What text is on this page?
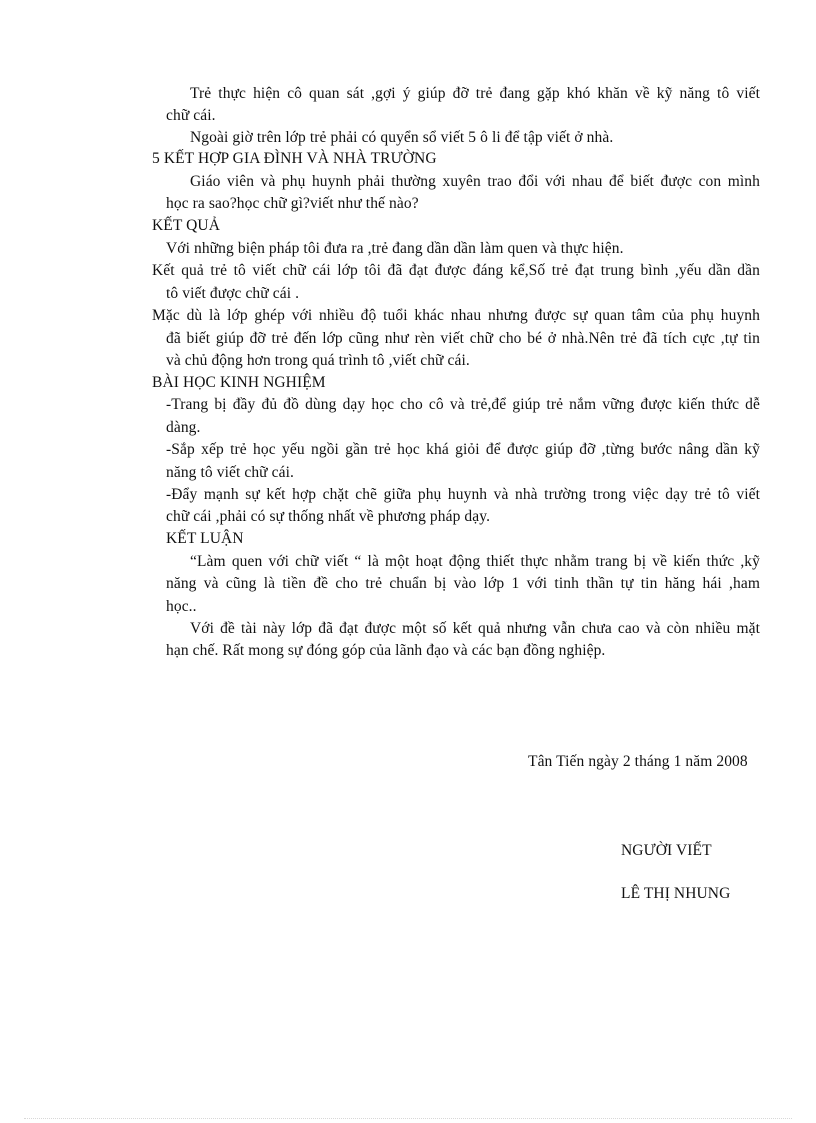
Trẻ thực hiện cô quan sát ,gợi ý giúp đỡ trẻ đang gặp khó khăn về kỹ năng tô viết
chữ cái.
Ngoài giờ trên lớp trẻ phải có quyển sổ viết 5 ô li để tập viết ở nhà.
5 KẾT HỢP GIA ĐÌNH VÀ NHÀ TRƯỜNG
Giáo viên và phụ huynh phải thường xuyên trao đổi với nhau để biết được con mình
học ra sao?học chữ gì?viết như thế nào?
KẾT QUẢ
Với những biện pháp tôi đưa ra ,trẻ đang dần dần làm quen và thực hiện.
Kết quả trẻ tô viết chữ cái lớp tôi đã đạt được đáng kể,Số trẻ đạt trung bình ,yếu dần dần
tô viết được chữ cái .
Mặc dù là lớp ghép với nhiều độ tuổi khác nhau nhưng được sự quan tâm của phụ huynh
đã biết giúp đỡ trẻ đến lớp cũng như rèn viết chữ cho bé ở nhà.Nên trẻ đã tích cực ,tự tin
và chủ động hơn trong quá trình tô ,viết chữ cái.
BÀI HỌC KINH NGHIỆM
-Trang bị đầy đủ đồ dùng dạy học cho cô và trẻ,để giúp trẻ nắm vững được kiến thức dễ
dàng.
-Sắp xếp trẻ học yếu ngồi gần trẻ học khá giỏi để được giúp đỡ ,từng bước nâng dần kỹ
năng tô viết chữ cái.
-Đẩy mạnh sự kết hợp chặt chẽ giữa phụ huynh và nhà trường trong việc dạy trẻ tô viết
chữ cái ,phải có sự thống nhất về phương pháp dạy.
KẾT LUẬN
“Làm quen với chữ viết “ là một hoạt động thiết thực nhằm trang bị về kiến thức ,kỹ
năng và cũng là tiền đề cho trẻ chuẩn bị vào lớp 1 với tinh thần tự tin hăng hái ,ham
học..
Với đề tài này lớp đã đạt được một số kết quả nhưng vẫn chưa cao và còn nhiều mặt
hạn chế. Rất mong sự đóng góp của lãnh đạo và các bạn đồng nghiệp.
Tân Tiến ngày 2 tháng 1 năm 2008
NGƯỜI VIẾT
LÊ THỊ NHUNG
